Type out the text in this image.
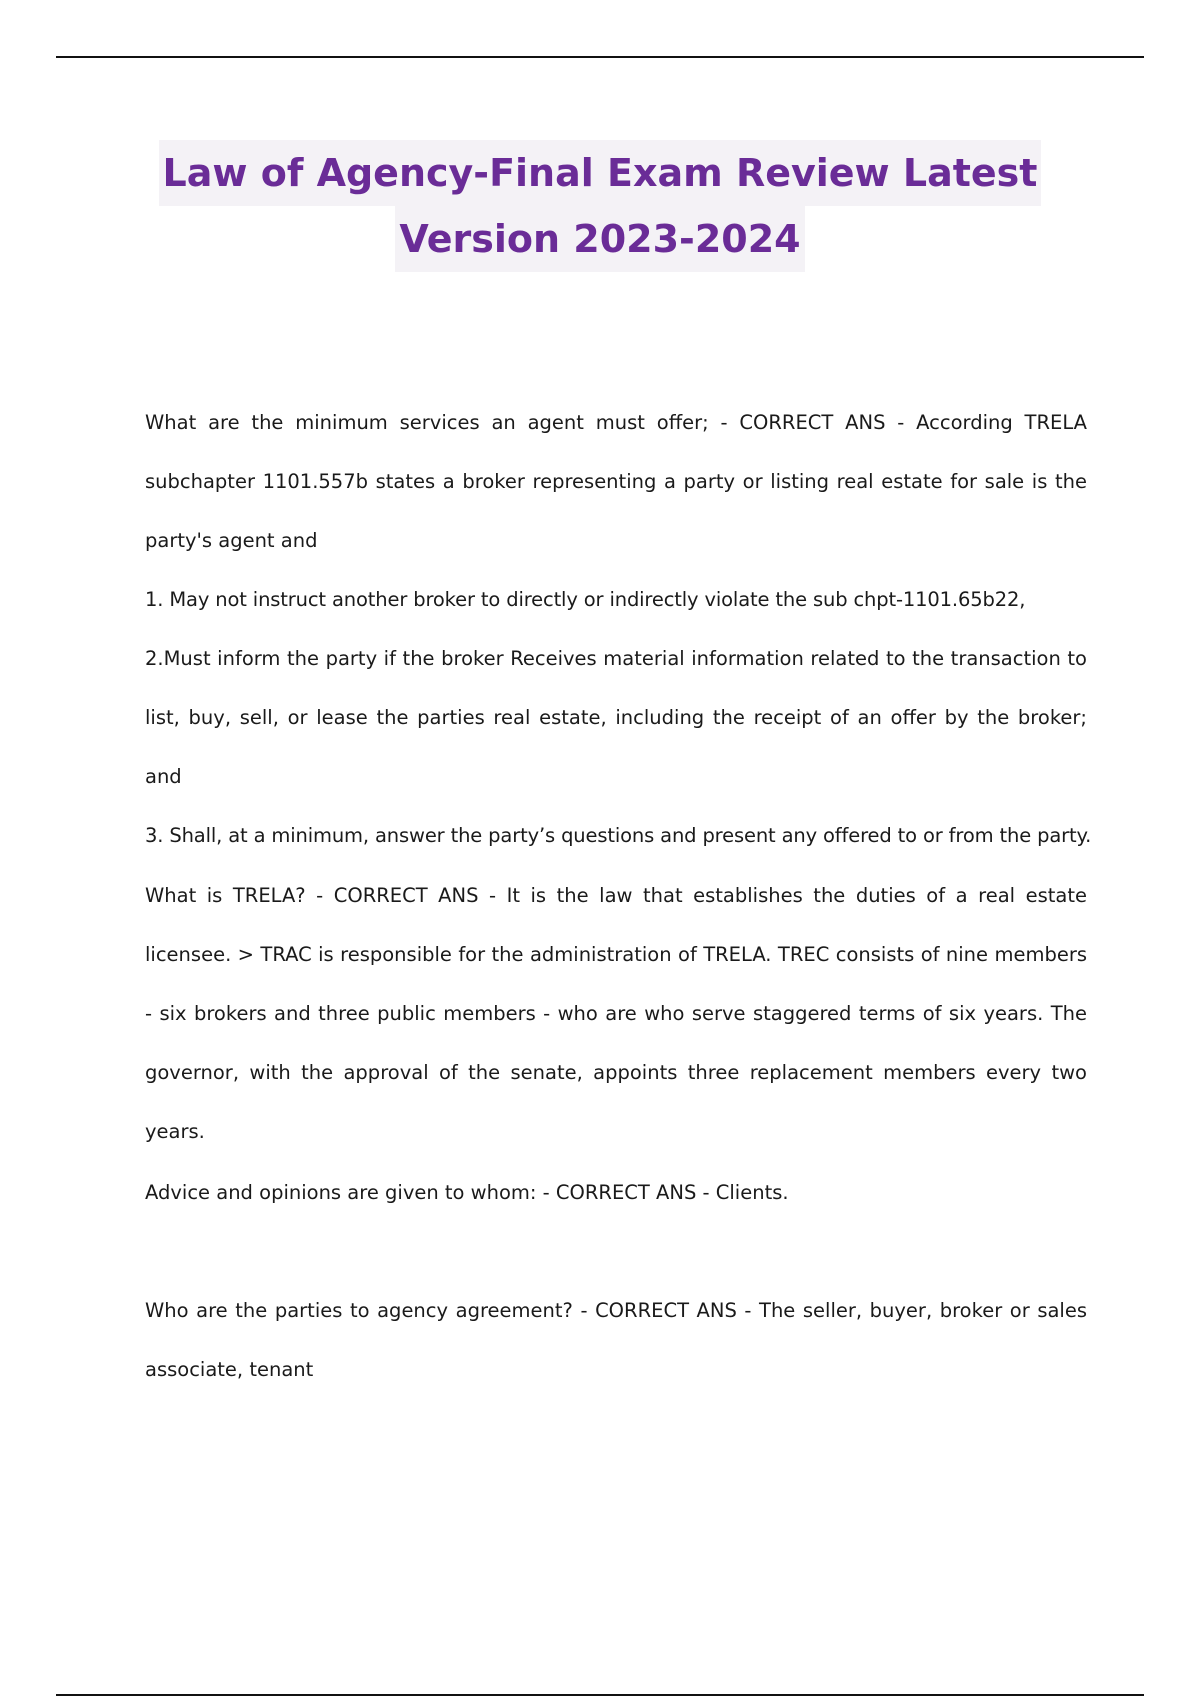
Law of Agency-Final Exam Review Latest
Version 2023-2024

What are the minimum services an agent must offer; - CORRECT ANS - According TRELA subchapter 1101.557b states a broker representing a party or listing real estate for sale is the party's agent and

1. May not instruct another broker to directly or indirectly violate the sub chpt-1101.65b22,

2.Must inform the party if the broker Receives material information related to the transaction to list, buy, sell, or lease the parties real estate, including the receipt of an offer by the broker; and

3. Shall, at a minimum, answer the party’s questions and present any offered to or from the party.

What is TRELA? - CORRECT ANS - It is the law that establishes the duties of a real estate licensee. > TRAC is responsible for the administration of TRELA. TREC consists of nine members - six brokers and three public members - who are who serve staggered terms of six years. The governor, with the approval of the senate, appoints three replacement members every two years.

Advice and opinions are given to whom: - CORRECT ANS - Clients.

Who are the parties to agency agreement? - CORRECT ANS - The seller, buyer, broker or sales associate, tenant
